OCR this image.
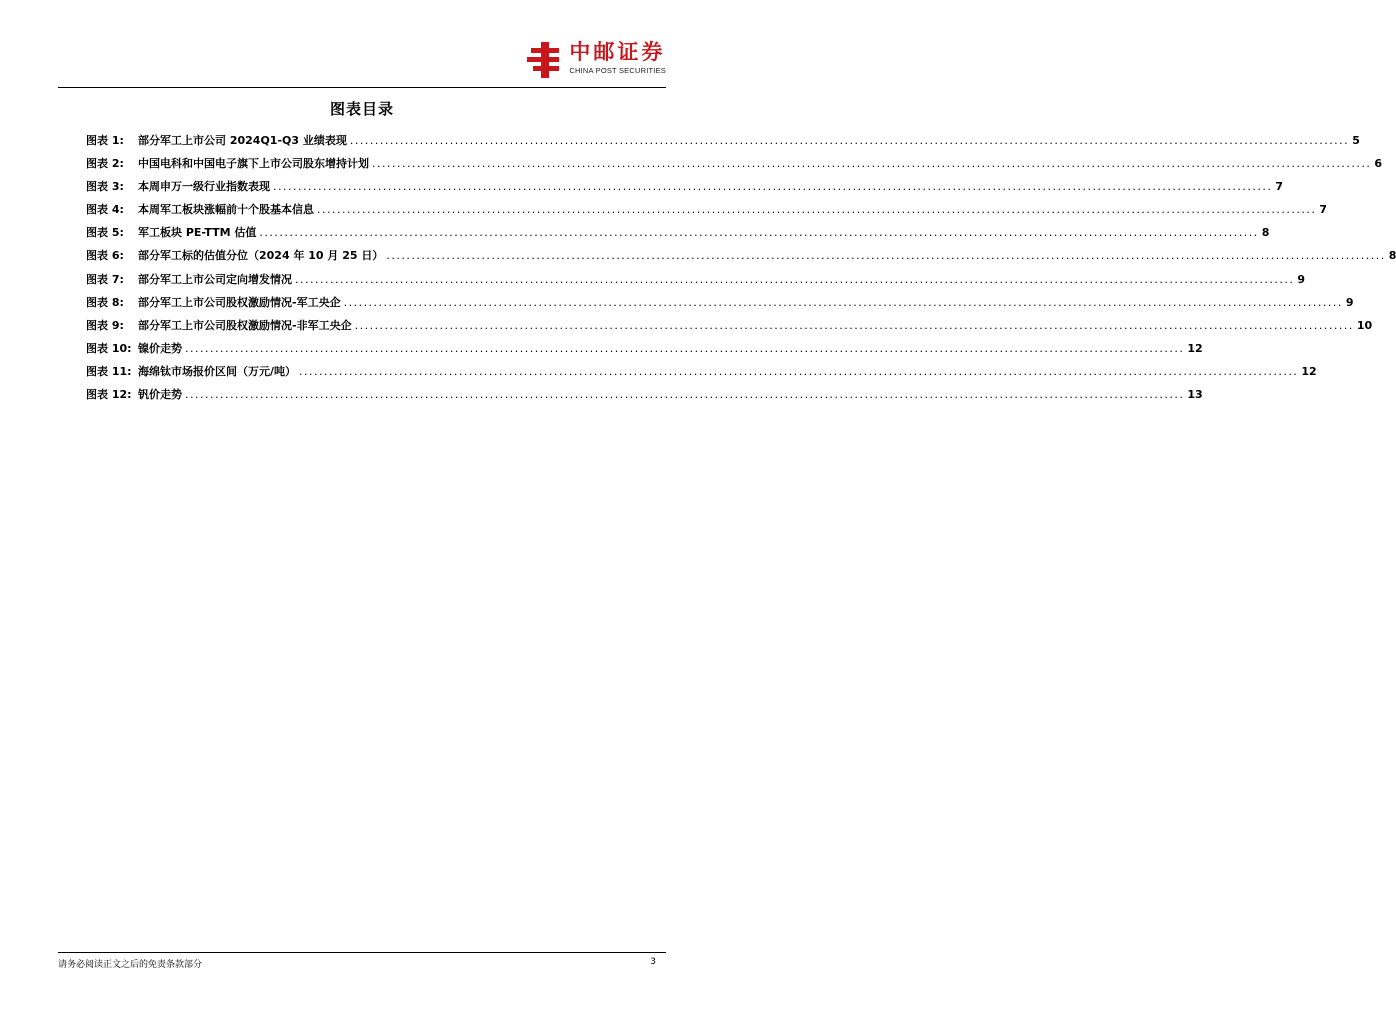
中邮证券
CHINA POST SECURITIES
图表目录
图表 1:	部分军工上市公司 2024Q1-Q3 业绩表现 ........................................................................................................................................................................................................ 5
图表 2:	中国电科和中国电子旗下上市公司股东增持计划 ........................................................................................................................................................................................................ 6
图表 3:	本周申万一级行业指数表现 ........................................................................................................................................................................................................ 7
图表 4:	本周军工板块涨幅前十个股基本信息 ........................................................................................................................................................................................................ 7
图表 5:	军工板块 PE-TTM 估值 ........................................................................................................................................................................................................ 8
图表 6:	部分军工标的估值分位（2024 年 10 月 25 日） ........................................................................................................................................................................................................ 8
图表 7:	部分军工上市公司定向增发情况 ........................................................................................................................................................................................................ 9
图表 8:	部分军工上市公司股权激励情况-军工央企 ........................................................................................................................................................................................................ 9
图表 9:	部分军工上市公司股权激励情况-非军工央企 ........................................................................................................................................................................................................ 10
图表 10: 镍价走势 ........................................................................................................................................................................................................ 12
图表 11: 海绵钛市场报价区间（万元/吨） ........................................................................................................................................................................................................ 12
图表 12: 钒价走势 ........................................................................................................................................................................................................ 13
请务必阅读正文之后的免责条款部分	3
